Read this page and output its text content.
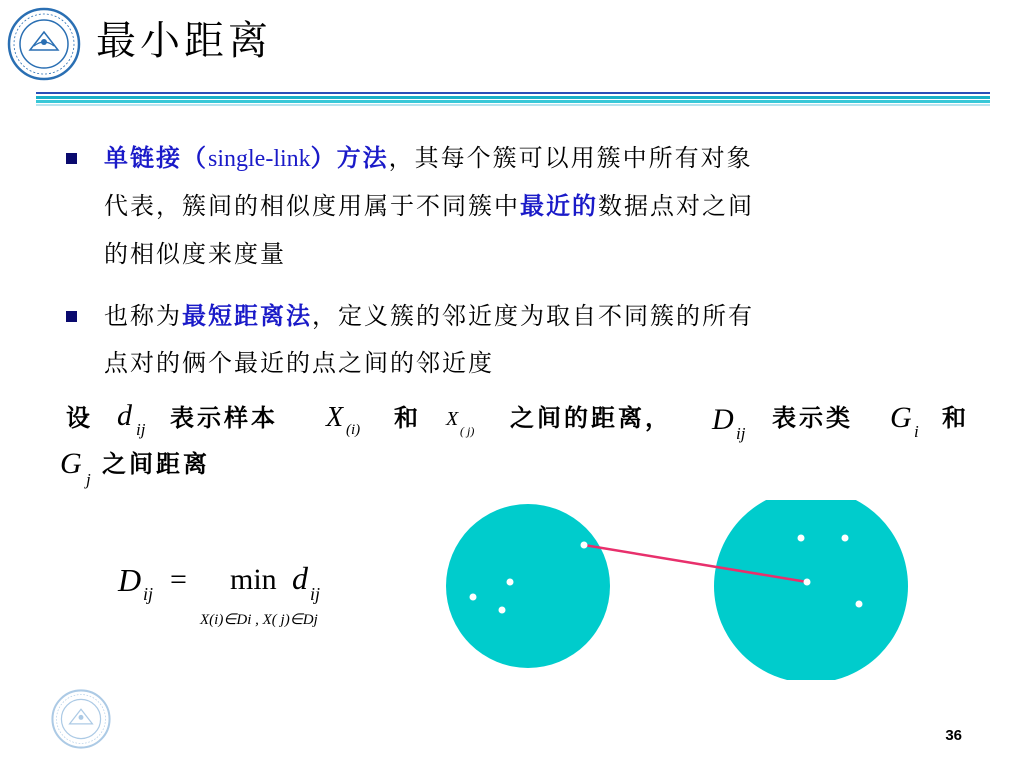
最小距离
单链接（single-link）方法，其每个簇可以用簇中所有对象
代表，簇间的相似度用属于不同簇中最近的数据点对之间
的相似度来度量
也称为最短距离法，定义簇的邻近度为取自不同簇的所有
点对的俩个最近的点之间的邻近度
设 d ij 表示样本 X (i) 和 X
( j) 之间的距离， D ij
表示类 G i 和
G j
之间距离
D ij = min d ij
X(i)∈Di , X( j)∈Dj
36
